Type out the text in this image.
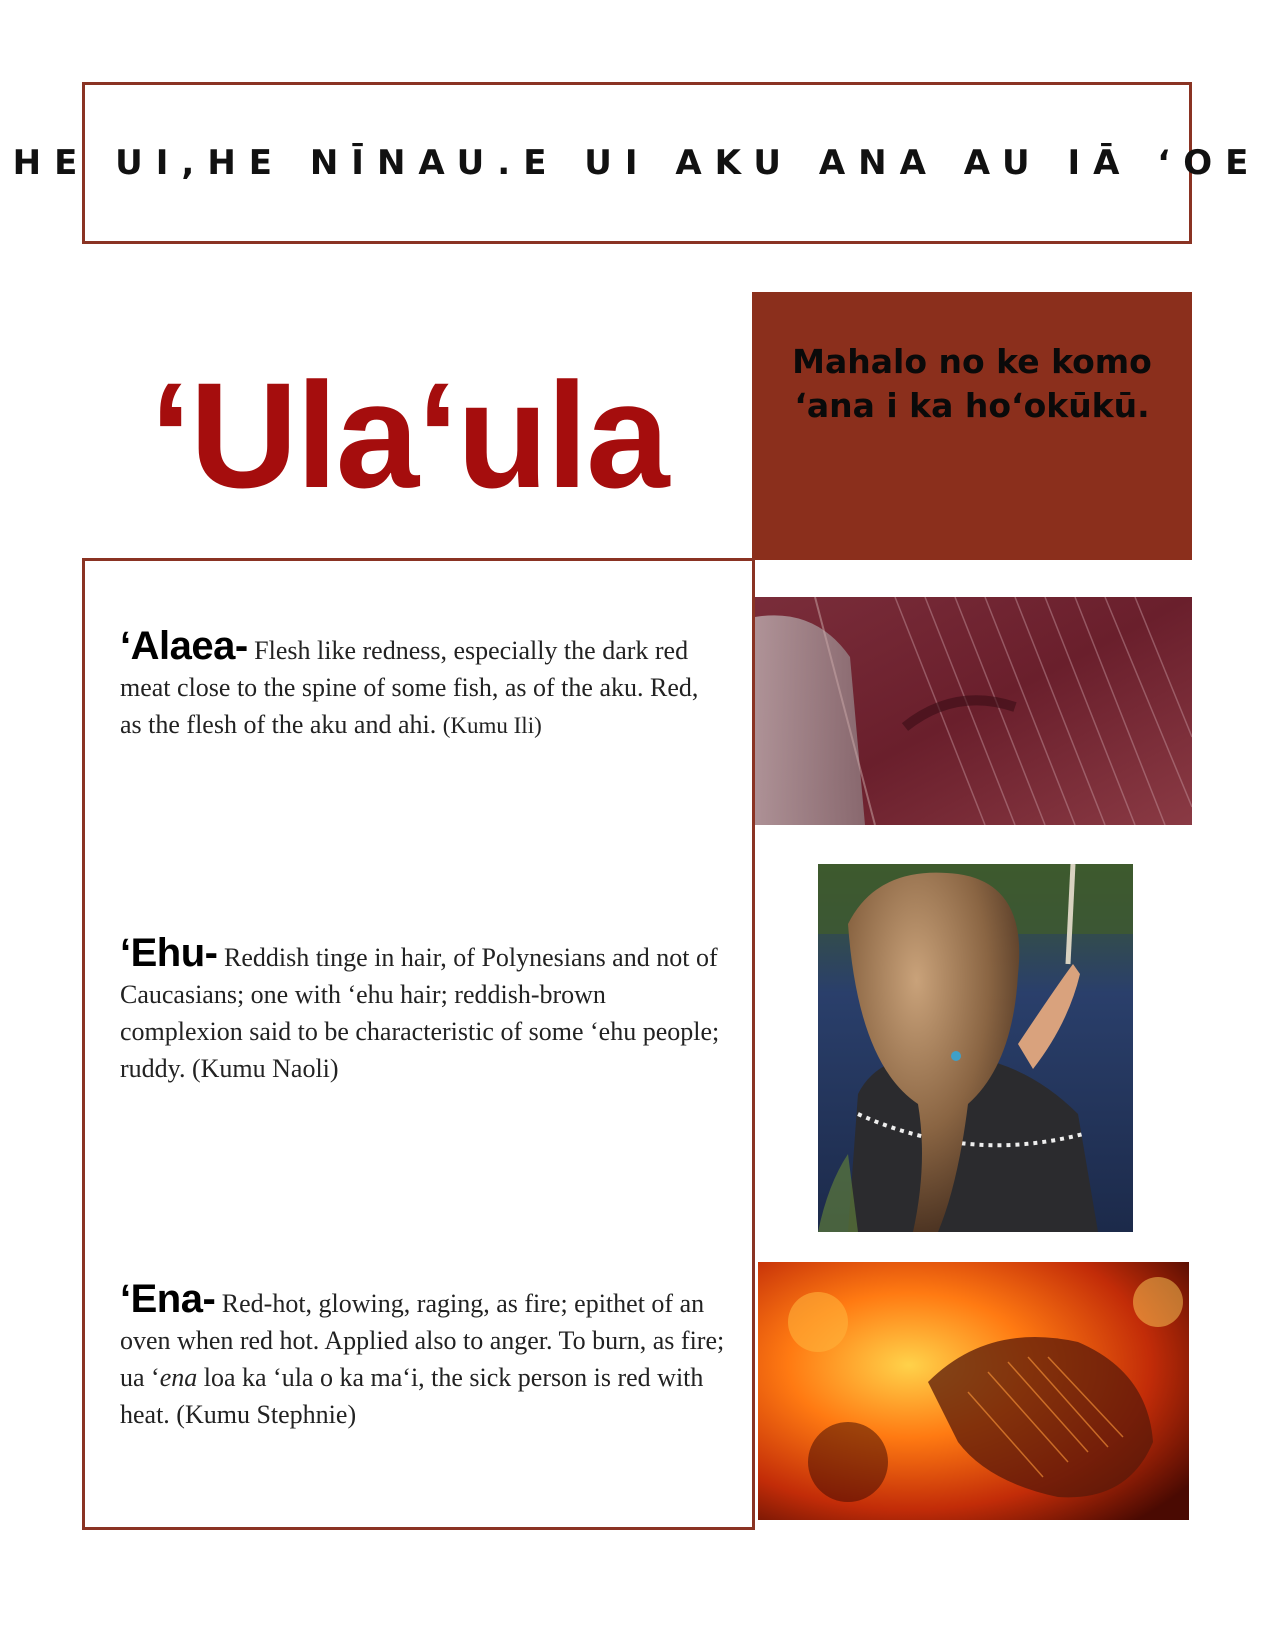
HE UI,HE NĪNAU.E UI AKU ANA AU IĀ ‘OE
‘Ula‘ula	Mahalo no ke komo ‘ana i ka ho‘okūkū.

‘Alaea- Flesh like redness, especially the dark red meat close to the spine of some fish, as of the aku. Red, as the flesh of the aku and ahi. (Kumu Ili)

‘Ehu- Reddish tinge in hair, of Polynesians and not of Caucasians; one with ‘ehu hair; reddish-brown complexion said to be characteristic of some ‘ehu people; ruddy. (Kumu Naoli)

‘Ena- Red-hot, glowing, raging, as fire; epithet of an oven when red hot. Applied also to anger. To burn, as fire; ua ‘ena loa ka ‘ula o ka ma‘i, the sick person is red with heat. (Kumu Stephnie)
